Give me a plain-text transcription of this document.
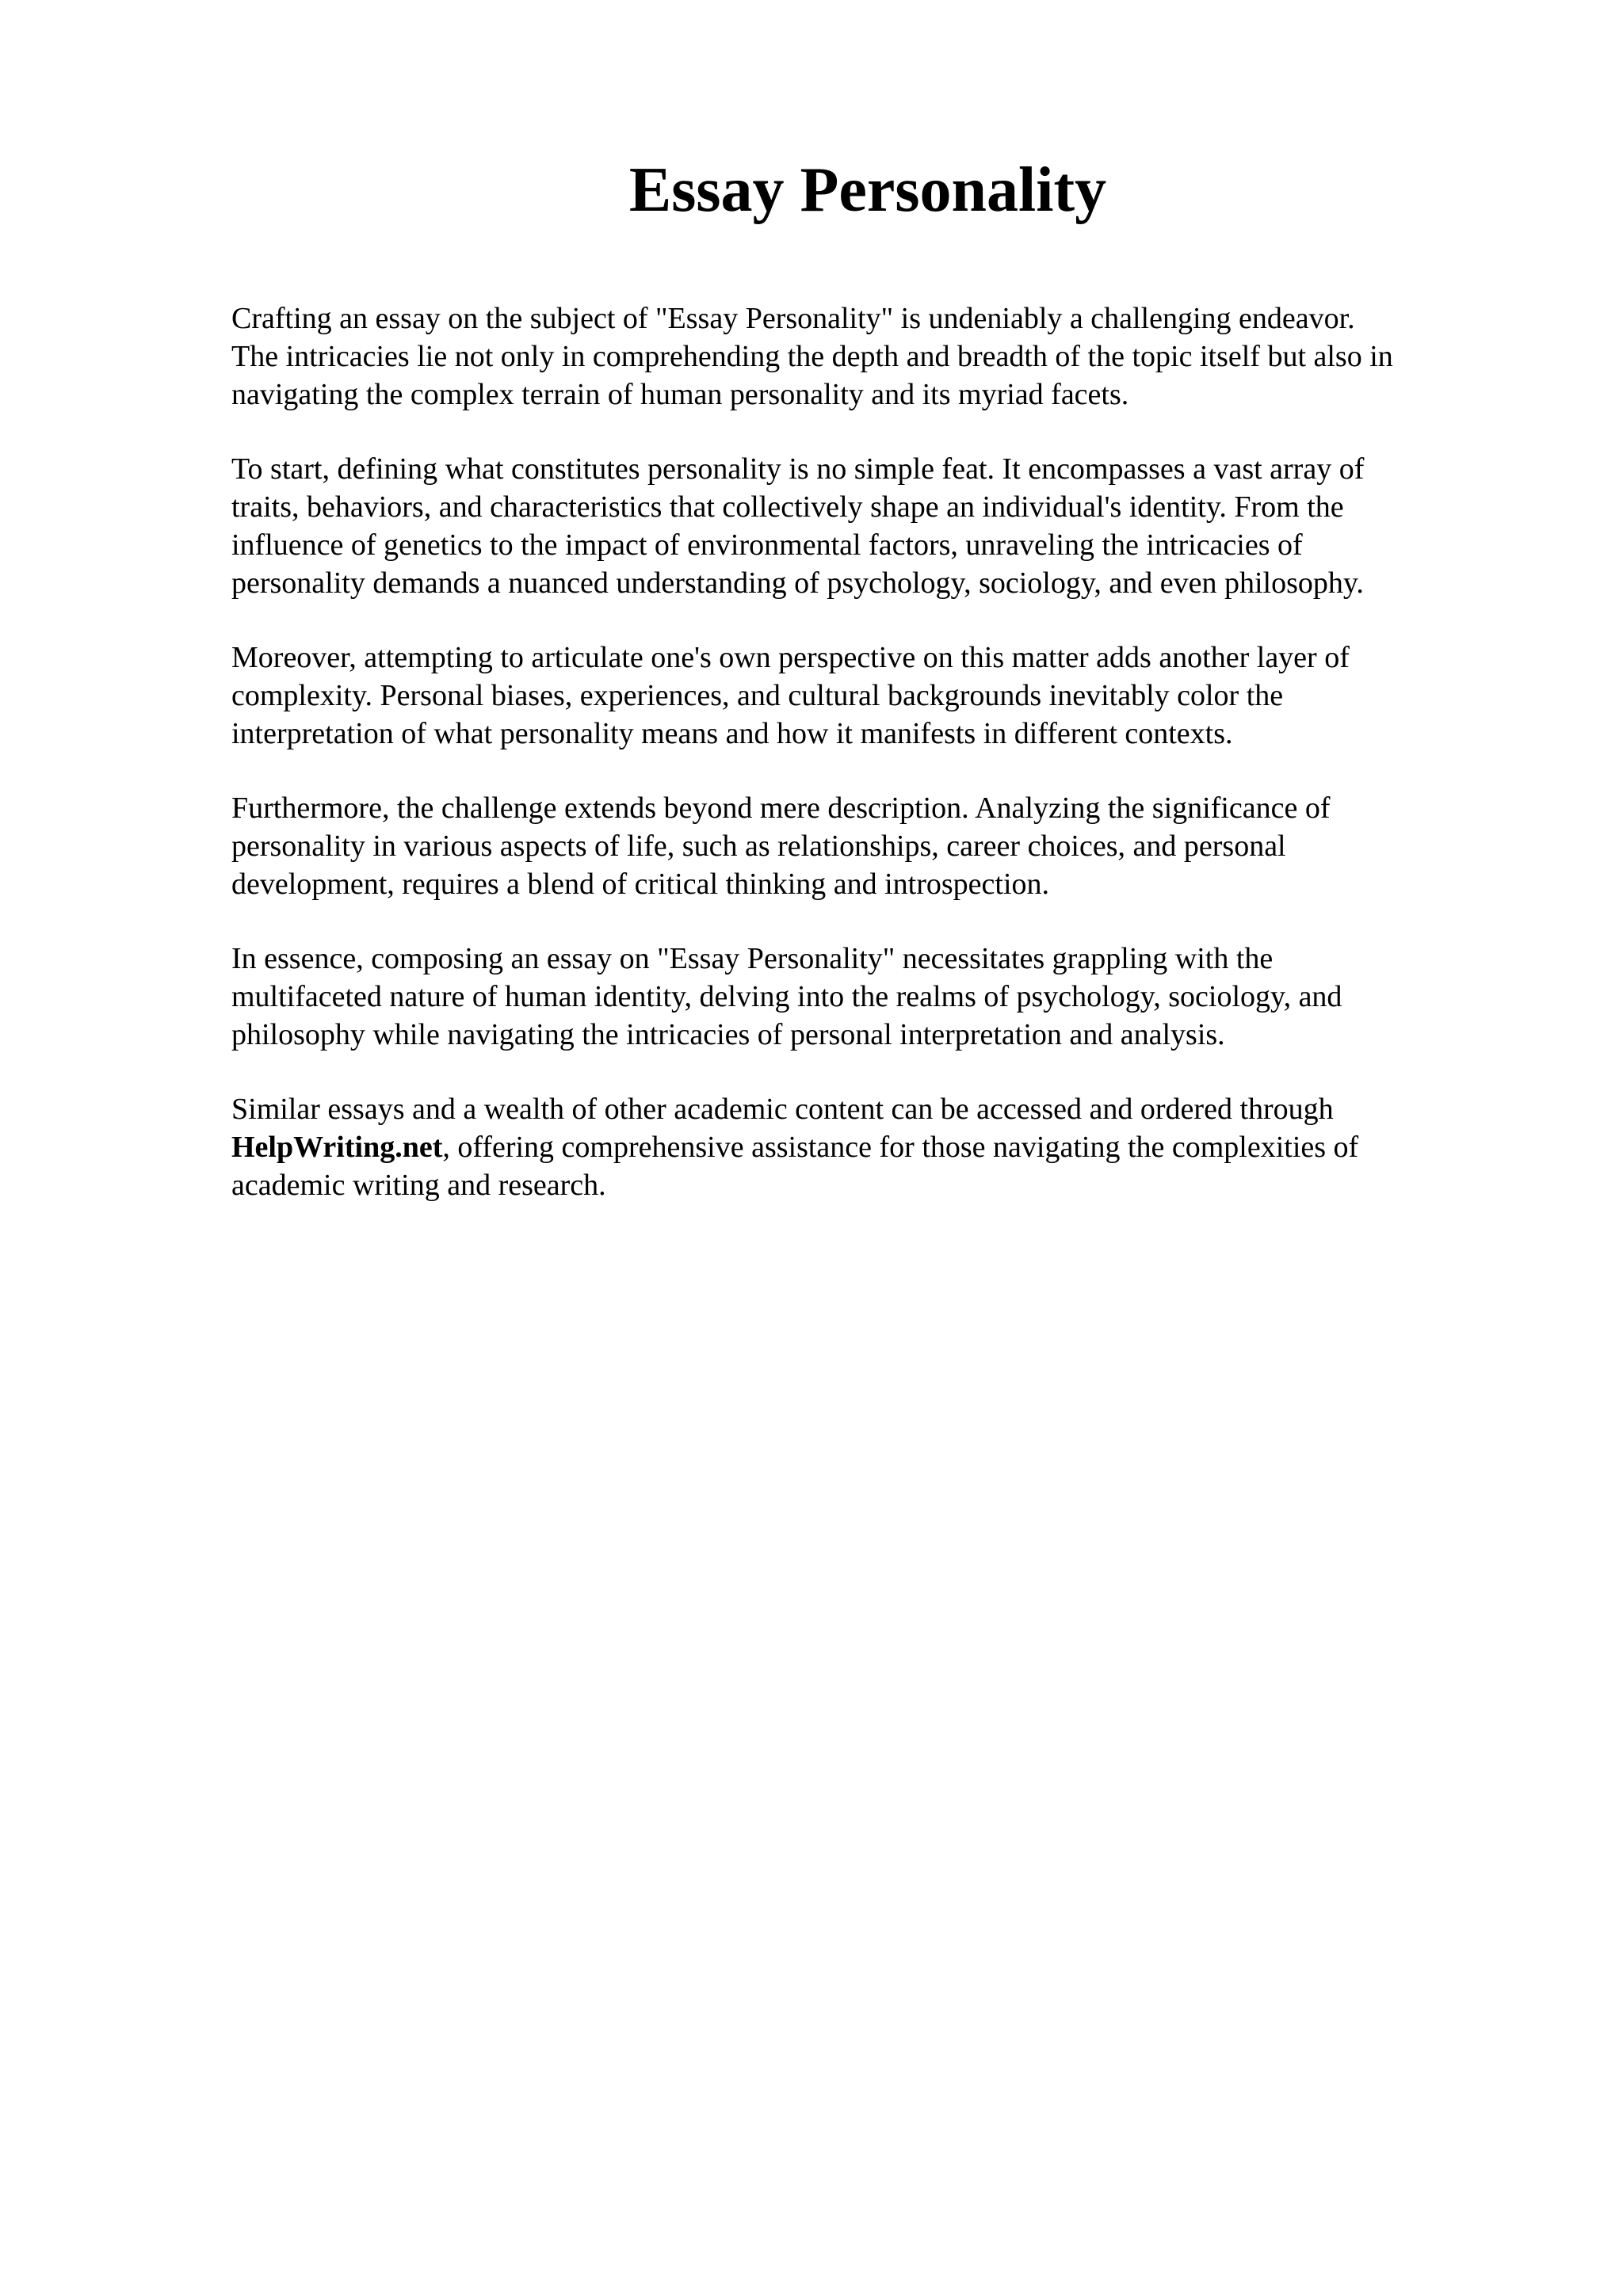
Essay Personality

Crafting an essay on the subject of "Essay Personality" is undeniably a challenging endeavor.
The intricacies lie not only in comprehending the depth and breadth of the topic itself but also in
navigating the complex terrain of human personality and its myriad facets.

To start, defining what constitutes personality is no simple feat. It encompasses a vast array of
traits, behaviors, and characteristics that collectively shape an individual's identity. From the
influence of genetics to the impact of environmental factors, unraveling the intricacies of
personality demands a nuanced understanding of psychology, sociology, and even philosophy.

Moreover, attempting to articulate one's own perspective on this matter adds another layer of
complexity. Personal biases, experiences, and cultural backgrounds inevitably color the
interpretation of what personality means and how it manifests in different contexts.

Furthermore, the challenge extends beyond mere description. Analyzing the significance of
personality in various aspects of life, such as relationships, career choices, and personal
development, requires a blend of critical thinking and introspection.

In essence, composing an essay on "Essay Personality" necessitates grappling with the
multifaceted nature of human identity, delving into the realms of psychology, sociology, and
philosophy while navigating the intricacies of personal interpretation and analysis.

Similar essays and a wealth of other academic content can be accessed and ordered through
HelpWriting.net, offering comprehensive assistance for those navigating the complexities of
academic writing and research.
